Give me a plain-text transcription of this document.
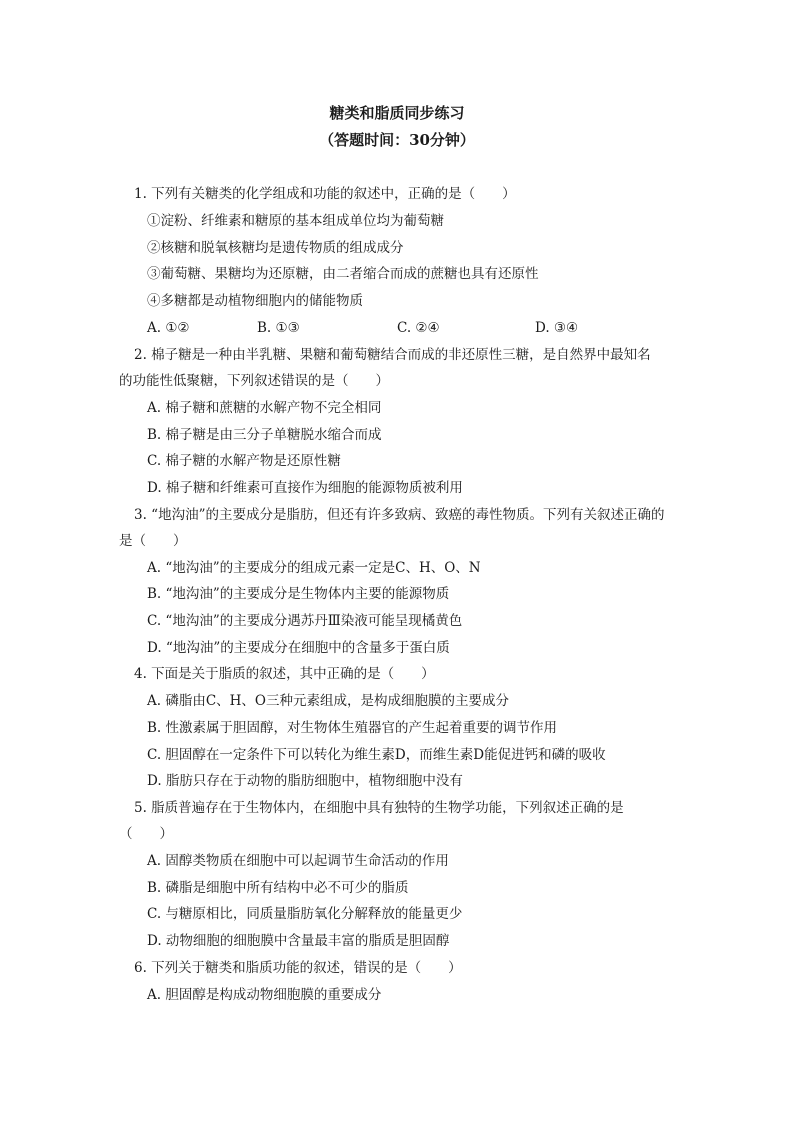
糖类和脂质同步练习
（答题时间：30分钟）
1. 下列有关糖类的化学组成和功能的叙述中，正确的是（　　）
①淀粉、纤维素和糖原的基本组成单位均为葡萄糖
②核糖和脱氧核糖均是遗传物质的组成成分
③葡萄糖、果糖均为还原糖，由二者缩合而成的蔗糖也具有还原性
④多糖都是动植物细胞内的储能物质
A. ①②	B. ①③	C. ②④	D. ③④
2. 棉子糖是一种由半乳糖、果糖和葡萄糖结合而成的非还原性三糖，是自然界中最知名
的功能性低聚糖，下列叙述错误的是（　　）
A. 棉子糖和蔗糖的水解产物不完全相同
B. 棉子糖是由三分子单糖脱水缩合而成
C. 棉子糖的水解产物是还原性糖
D. 棉子糖和纤维素可直接作为细胞的能源物质被利用
3. “地沟油”的主要成分是脂肪，但还有许多致病、致癌的毒性物质。下列有关叙述正确的
是（　　）
A. “地沟油”的主要成分的组成元素一定是C、H、O、N
B. “地沟油”的主要成分是生物体内主要的能源物质
C. “地沟油”的主要成分遇苏丹Ⅲ染液可能呈现橘黄色
D. “地沟油”的主要成分在细胞中的含量多于蛋白质
4. 下面是关于脂质的叙述，其中正确的是（　　）
A. 磷脂由C、H、O三种元素组成，是构成细胞膜的主要成分
B. 性激素属于胆固醇，对生物体生殖器官的产生起着重要的调节作用
C. 胆固醇在一定条件下可以转化为维生素D，而维生素D能促进钙和磷的吸收
D. 脂肪只存在于动物的脂肪细胞中，植物细胞中没有
5. 脂质普遍存在于生物体内，在细胞中具有独特的生物学功能，下列叙述正确的是
（　　）
A. 固醇类物质在细胞中可以起调节生命活动的作用
B. 磷脂是细胞中所有结构中必不可少的脂质
C. 与糖原相比，同质量脂肪氧化分解释放的能量更少
D. 动物细胞的细胞膜中含量最丰富的脂质是胆固醇
6. 下列关于糖类和脂质功能的叙述，错误的是（　　）
A. 胆固醇是构成动物细胞膜的重要成分
